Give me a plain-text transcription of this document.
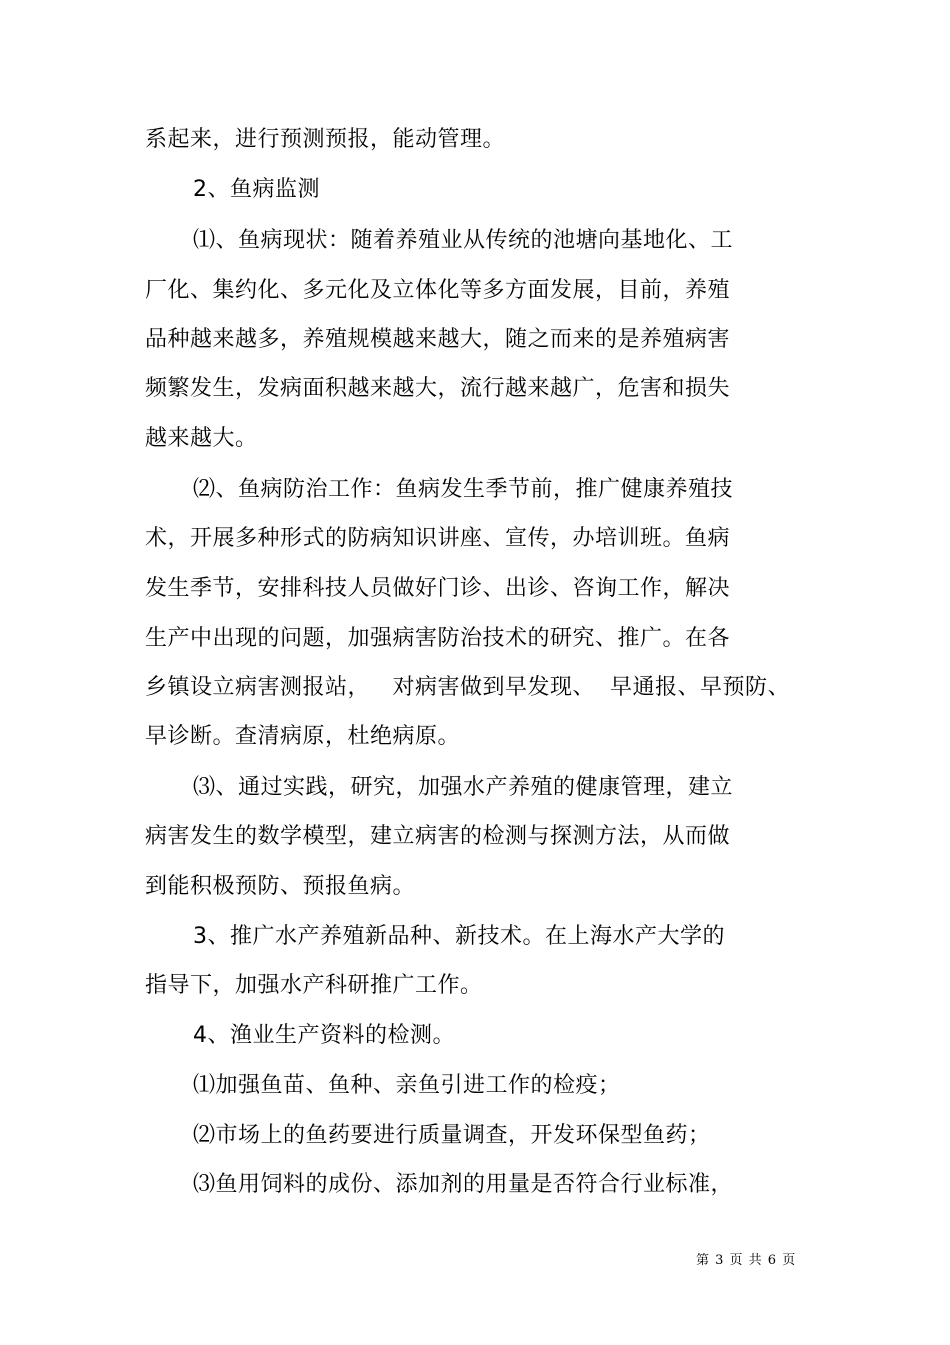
系起来，进行预测预报，能动管理。
2、鱼病监测
⑴、鱼病现状：随着养殖业从传统的池塘向基地化、工
厂化、集约化、多元化及立体化等多方面发展，目前，养殖
品种越来越多，养殖规模越来越大，随之而来的是养殖病害
频繁发生，发病面积越来越大，流行越来越广，危害和损失
越来越大。
⑵、鱼病防治工作：鱼病发生季节前，推广健康养殖技
术，开展多种形式的防病知识讲座、宣传，办培训班。鱼病
发生季节，安排科技人员做好门诊、出诊、咨询工作，解决
生产中出现的问题，加强病害防治技术的研究、推广。在各
乡镇设立病害测报站，   对病害做到早发现、  早通报、早预防、
早诊断。查清病原，杜绝病原。
⑶、通过实践，研究，加强水产养殖的健康管理，建立
病害发生的数学模型，建立病害的检测与探测方法，从而做
到能积极预防、预报鱼病。
3、推广水产养殖新品种、新技术。在上海水产大学的
指导下，加强水产科研推广工作。
4、渔业生产资料的检测。
⑴加强鱼苗、鱼种、亲鱼引进工作的检疫；
⑵市场上的鱼药要进行质量调查，开发环保型鱼药；
⑶鱼用饲料的成份、添加剂的用量是否符合行业标准，
第 3 页 共 6 页
